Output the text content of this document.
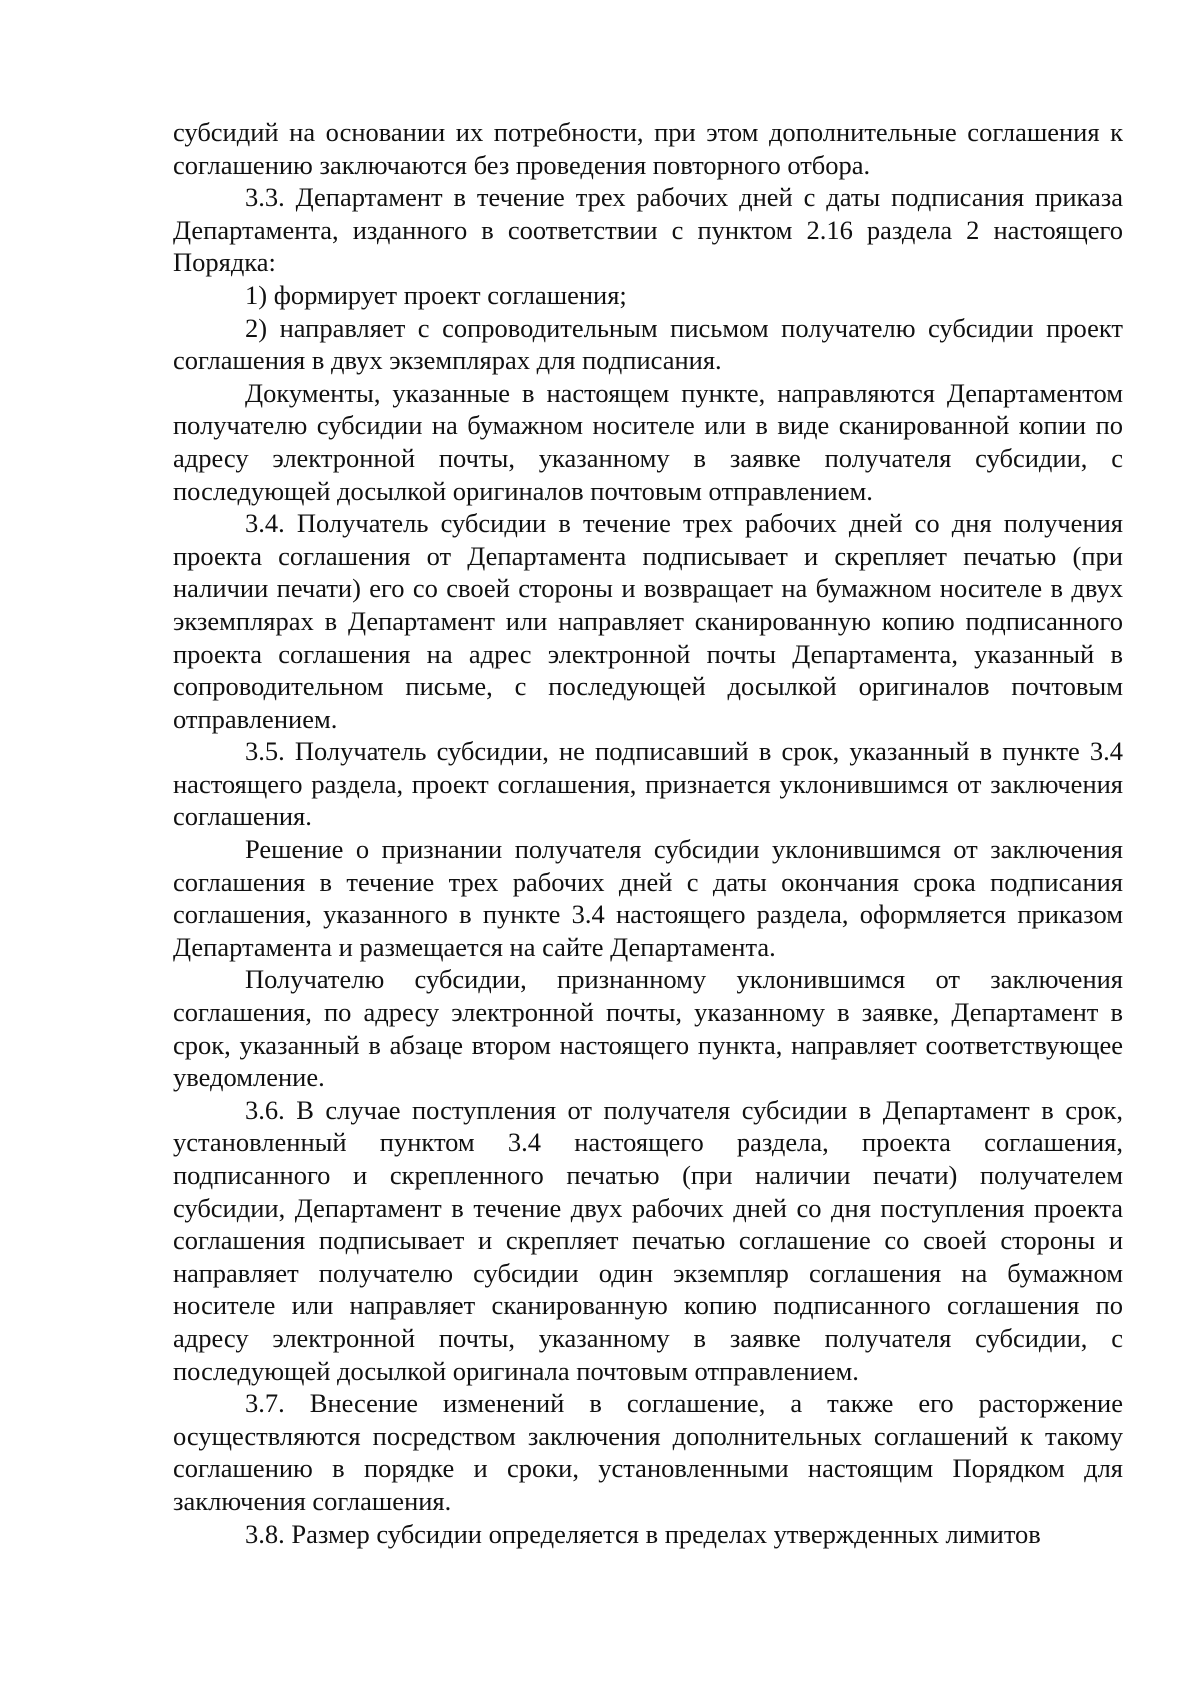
субсидий на основании их потребности, при этом дополнительные соглашения к соглашению заключаются без проведения повторного отбора.

3.3. Департамент в течение трех рабочих дней с даты подписания приказа Департамента, изданного в соответствии с пунктом 2.16 раздела 2 настоящего Порядка:

1) формирует проект соглашения;

2) направляет с сопроводительным письмом получателю субсидии проект соглашения в двух экземплярах для подписания.

Документы, указанные в настоящем пункте, направляются Департаментом получателю субсидии на бумажном носителе или в виде сканированной копии по адресу электронной почты, указанному в заявке получателя субсидии, с последующей досылкой оригиналов почтовым отправлением.

3.4. Получатель субсидии в течение трех рабочих дней со дня получения проекта соглашения от Департамента подписывает и скрепляет печатью (при наличии печати) его со своей стороны и возвращает на бумажном носителе в двух экземплярах в Департамент или направляет сканированную копию подписанного проекта соглашения на адрес электронной почты Департамента, указанный в сопроводительном письме, с последующей досылкой оригиналов почтовым отправлением.

3.5. Получатель субсидии, не подписавший в срок, указанный в пункте 3.4 настоящего раздела, проект соглашения, признается уклонившимся от заключения соглашения.

Решение о признании получателя субсидии уклонившимся от заключения соглашения в течение трех рабочих дней с даты окончания срока подписания соглашения, указанного в пункте 3.4 настоящего раздела, оформляется приказом Департамента и размещается на сайте Департамента.

Получателю субсидии, признанному уклонившимся от заключения соглашения, по адресу электронной почты, указанному в заявке, Департамент в срок, указанный в абзаце втором настоящего пункта, направляет соответствующее уведомление.

3.6. В случае поступления от получателя субсидии в Департамент в срок, установленный пунктом 3.4 настоящего раздела, проекта соглашения, подписанного и скрепленного печатью (при наличии печати) получателем субсидии, Департамент в течение двух рабочих дней со дня поступления проекта соглашения подписывает и скрепляет печатью соглашение со своей стороны и направляет получателю субсидии один экземпляр соглашения на бумажном носителе или направляет сканированную копию подписанного соглашения по адресу электронной почты, указанному в заявке получателя субсидии, с последующей досылкой оригинала почтовым отправлением.

3.7. Внесение изменений в соглашение, а также его расторжение осуществляются посредством заключения дополнительных соглашений к такому соглашению в порядке и сроки, установленными настоящим Порядком для заключения соглашения.

3.8. Размер субсидии определяется в пределах утвержденных лимитов
